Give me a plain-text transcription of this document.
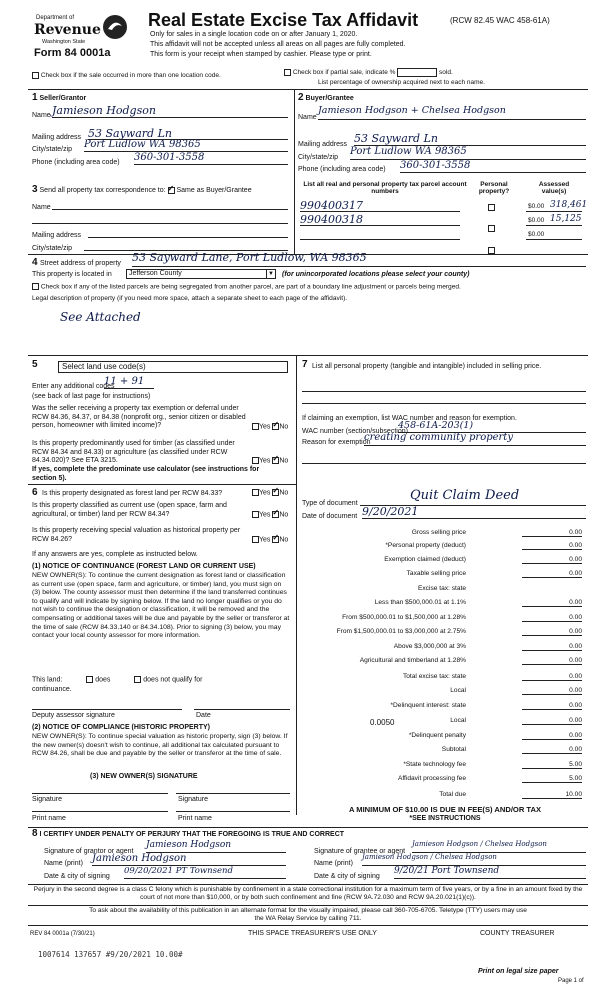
Department of
Revenue
Washington State
Form 84 0001a
Real Estate Excise Tax Affidavit	(RCW 82.45 WAC 458-61A)
Only for sales in a single location code on or after January 1, 2020.
This affidavit will not be accepted unless all areas on all pages are fully completed.
This form is your receipt when stamped by cashier. Please type or print.
Check box if the sale occurred in more than one location code.	Check box if partial sale, indicate %	sold.
List percentage of ownership acquired next to each name.
1 Seller/Grantor
Name Jamieson Hodgson
Mailing address 53 Sayward Ln
City/state/zip Port Ludlow WA 98365
Phone (including area code) 360-301-3558
2 Buyer/Grantee
Name
Jamieson Hodgson + Chelsea Hodgson
Mailing address 53 Sayward Ln
City/state/zip
Port Ludlow WA 98365
Phone (including area code) 360-301-3558
3 Send all property tax correspondence to: ✓ Same as Buyer/Grantee
Name
Mailing address
City/state/zip
List all real and personal property tax parcel account numbers
Personal property?
Assessed value(s)
990400317	$0.00 318,461
990400318	$0.00 15,125
$0.00
4 Street address of property 53 Sayward Lane, Port Ludlow, WA 98365
This property is located in	Jefferson County	▼ (for unincorporated locations please select your county)
Check box if any of the listed parcels are being segregated from another parcel, are part of a boundary line adjustment or parcels being merged.
Legal description of property (if you need more space, attach a separate sheet to each page of the affidavit).
See Attached
5	Select land use code(s)
Enter any additional codes
11 + 91
(see back of last page for instructions)
Was the seller receiving a property tax exemption or deferral under RCW 84.36, 84.37, or 84.38 (nonprofit org., senior citizen or disabled person, homeowner with limited income)?	Yes ✓ No
Is this property predominantly used for timber (as classified under RCW 84.34 and 84.33) or agriculture (as classified under RCW 84.34.020)? See ETA 3215.	Yes ✓ No
If yes, complete the predominate use calculator (see instructions for section 5).
6 Is this property designated as forest land per RCW 84.33?	Yes ✓ No
Is this property classified as current use (open space, farm and agricultural, or timber) land per RCW 84.34?	Yes ✓ No
Is this property receiving special valuation as historical property per RCW 84.26?	Yes ✓ No
If any answers are yes, complete as instructed below.
(1) NOTICE OF CONTINUANCE (FOREST LAND OR CURRENT USE)
NEW OWNER(S): To continue the current designation as forest land or classification as current use (open space, farm and agriculture, or timber) land, you must sign on (3) below. The county assessor must then determine if the land transferred continues to qualify and will indicate by signing below. If the land no longer qualifies or you do not wish to continue the designation or classification, it will be removed and the compensating or additional taxes will be due and payable by the seller or transferor at the time of sale (RCW 84.33.140 or 84.34.108). Prior to signing (3) below, you may contact your local county assessor for more information.
This land:	does	does not qualify for
continuance.
Deputy assessor signature	Date
(2) NOTICE OF COMPLIANCE (HISTORIC PROPERTY)
NEW OWNER(S): To continue special valuation as historic property, sign (3) below. If the new owner(s) doesn't wish to continue, all additional tax calculated pursuant to RCW 84.26, shall be due and payable by the seller or transferor at the time of sale.
(3) NEW OWNER(S) SIGNATURE
Signature	Signature
Print name	Print name
7 List all personal property (tangible and intangible) included in selling price.
If claiming an exemption, list WAC number and reason for exemption.
WAC number (section/subsection)
458-61A-203(1)
Reason for exemption
creating community property
Type of document
Quit Claim Deed
Date of document 9/20/2021
Gross selling price	0.00
*Personal property (deduct)	0.00
Exemption claimed (deduct)	0.00
Taxable selling price	0.00
Excise tax: state
Less than $500,000.01 at 1.1%	0.00
From $500,000.01 to $1,500,000 at 1.28%	0.00
From $1,500,000.01 to $3,000,000 at 2.75%	0.00
Above $3,000,000 at 3%	0.00
Agricultural and timberland at 1.28%	0.00
Total excise tax: state	0.00
Local	0.00
*Delinquent interest: state	0.00
Local	0.00
*Delinquent penalty	0.00
Subtotal	0.00
*State technology fee	5.00
Affidavit processing fee	5.00
Total due	10.00
0.0050
A MINIMUM OF $10.00 IS DUE IN FEE(S) AND/OR TAX
*SEE INSTRUCTIONS
8 I CERTIFY UNDER PENALTY OF PERJURY THAT THE FOREGOING IS TRUE AND CORRECT
Signature of grantor or agent
Jamieson Hodgson
Name (print) Jamieson Hodgson
Date & city of signing
09/20/2021 PT Townsend
Signature of grantee or agent
Jamieson Hodgson / Chelsea Hodgson
Name (print)
Jamieson Hodgson / Chelsea Hodgson
Date & city of signing
9/20/21 Port Townsend
Perjury in the second degree is a class C felony which is punishable by confinement in a state correctional institution for a maximum term of five years, or by a fine in an amount fixed by the court of not more than $10,000, or by both such confinement and fine (RCW 9A.72.030 and RCW 9A.20.021(1)(c)).
To ask about the availability of this publication in an alternate format for the visually impaired, please call 360-705-6705. Teletype (TTY) users may use the WA Relay Service by calling 711.
REV 84 0001a (7/30/21)	THIS SPACE TREASURER'S USE ONLY	COUNTY TREASURER
1007614 137657 #9/20/2021 10.00#
Print on legal size paper
Page 1 of
